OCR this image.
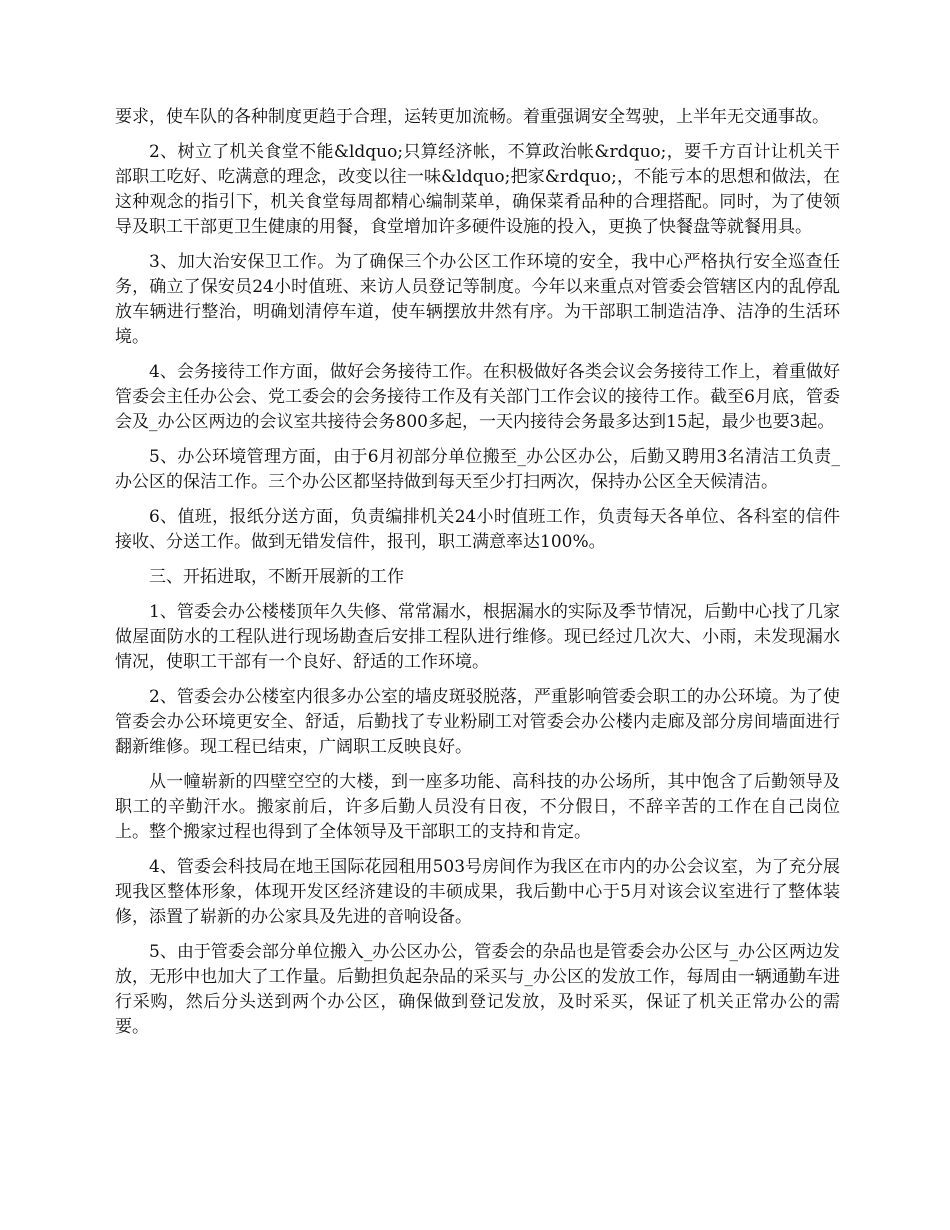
要求，使车队的各种制度更趋于合理，运转更加流畅。着重强调安全驾驶，上半年无交通事故。

2、树立了机关食堂不能&ldquo;只算经济帐，不算政治帐&rdquo;，要千方百计让机关干部职工吃好、吃满意的理念，改变以往一味&ldquo;把家&rdquo;，不能亏本的思想和做法，在这种观念的指引下，机关食堂每周都精心编制菜单，确保菜肴品种的合理搭配。同时，为了使领导及职工干部更卫生健康的用餐，食堂增加许多硬件设施的投入，更换了快餐盘等就餐用具。

3、加大治安保卫工作。为了确保三个办公区工作环境的安全，我中心严格执行安全巡查任务，确立了保安员24小时值班、来访人员登记等制度。今年以来重点对管委会管辖区内的乱停乱放车辆进行整治，明确划清停车道，使车辆摆放井然有序。为干部职工制造洁净、洁净的生活环境。

4、会务接待工作方面，做好会务接待工作。在积极做好各类会议会务接待工作上，着重做好管委会主任办公会、党工委会的会务接待工作及有关部门工作会议的接待工作。截至6月底，管委会及_办公区两边的会议室共接待会务800多起，一天内接待会务最多达到15起，最少也要3起。

5、办公环境管理方面，由于6月初部分单位搬至_办公区办公，后勤又聘用3名清洁工负责_办公区的保洁工作。三个办公区都坚持做到每天至少打扫两次，保持办公区全天候清洁。

6、值班，报纸分送方面，负责编排机关24小时值班工作，负责每天各单位、各科室的信件接收、分送工作。做到无错发信件，报刊，职工满意率达100%。

三、开拓进取，不断开展新的工作

1、管委会办公楼楼顶年久失修、常常漏水，根据漏水的实际及季节情况，后勤中心找了几家做屋面防水的工程队进行现场勘查后安排工程队进行维修。现已经过几次大、小雨，未发现漏水情况，使职工干部有一个良好、舒适的工作环境。

2、管委会办公楼室内很多办公室的墙皮斑驳脱落，严重影响管委会职工的办公环境。为了使管委会办公环境更安全、舒适，后勤找了专业粉刷工对管委会办公楼内走廊及部分房间墙面进行翻新维修。现工程已结束，广阔职工反映良好。

从一幢崭新的四壁空空的大楼，到一座多功能、高科技的办公场所，其中饱含了后勤领导及职工的辛勤汗水。搬家前后，许多后勤人员没有日夜，不分假日，不辞辛苦的工作在自己岗位上。整个搬家过程也得到了全体领导及干部职工的支持和肯定。

4、管委会科技局在地王国际花园租用503号房间作为我区在市内的办公会议室，为了充分展现我区整体形象，体现开发区经济建设的丰硕成果，我后勤中心于5月对该会议室进行了整体装修，添置了崭新的办公家具及先进的音响设备。

5、由于管委会部分单位搬入_办公区办公，管委会的杂品也是管委会办公区与_办公区两边发放，无形中也加大了工作量。后勤担负起杂品的采买与_办公区的发放工作，每周由一辆通勤车进行采购，然后分头送到两个办公区，确保做到登记发放，及时采买，保证了机关正常办公的需要。
